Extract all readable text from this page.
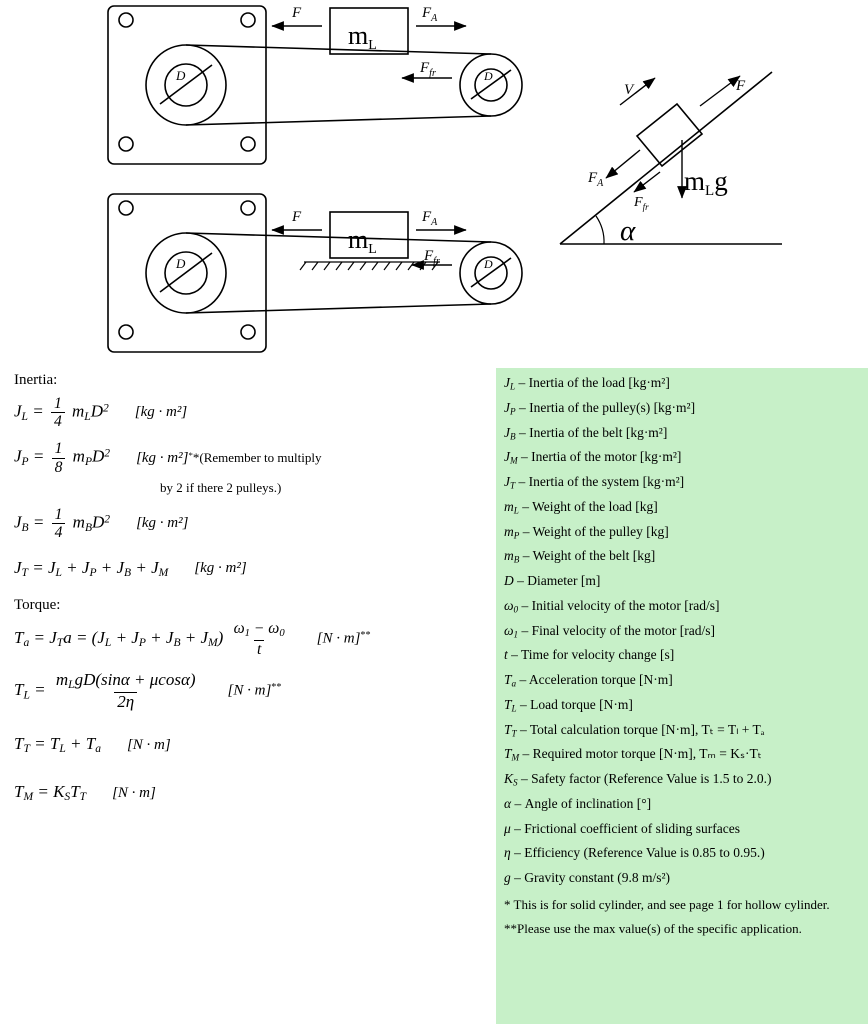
F	$F_A$
$F_{fr}$
D	D
mL
F	$F_A$
$F_{fr}$
D	D
mL
V	F
$F_A$
$F_{fr}$
mLg
α
Inertia:
$J_L = \frac{1}{4} m_LD^2$ [kg · m²]
$J_P = \frac{1}{8} m_PD^2$ [kg · m²] **(Remember to multiply
by 2 if there 2 pulleys.)
$J_B = \frac{1}{4} m_BD^2$ [kg · m²]
$J_T = J_L + J_P + J_B + J_M$ [kg · m²]
Torque:
$T_a = J_Ta = (J_L + J_P + J_B + J_M) \frac{\omega_1 - \omega_0}{t} [N \cdot m]^{**}$
$T_L = \frac{m_LgD(\sin\alpha + \mu\cos\alpha)}{2\eta} [N \cdot m]^{**}$
$T_T = T_L + T_a$ [N · m]
$T_M = K_ST_T$ [N · m]
$J_L$ – Inertia of the load [kg·m²]
$J_P$ – Inertia of the pulley(s) [kg·m²]
$J_B$ – Inertia of the belt [kg·m²]
$J_M$ – Inertia of the motor [kg·m²]
$J_T$ – Inertia of the system [kg·m²]
$m_L$ – Weight of the load [kg]
$m_P$ – Weight of the pulley [kg]
$m_B$ – Weight of the belt [kg]
D – Diameter [m]
$\omega_0$ – Initial velocity of the motor [rad/s]
$\omega_1$ – Final velocity of the motor [rad/s]
t – Time for velocity change [s]
$T_a$ – Acceleration torque [N·m]
$T_L$ – Load torque [N·m]
$T_T$ – Total calculation torque [N·m], Tₜ = Tₗ + Tₐ
$T_M$ – Required motor torque [N·m], Tₘ = Kₛ·Tₜ
$K_S$ – Safety factor (Reference Value is 1.5 to 2.0.)
α – Angle of inclination [°]
μ – Frictional coefficient of sliding surfaces
η – Efficiency (Reference Value is 0.85 to 0.95.)
g – Gravity constant (9.8 m/s²)
* This is for solid cylinder, and see page 1 for hollow cylinder.
**Please use the max value(s) of the specific application.
